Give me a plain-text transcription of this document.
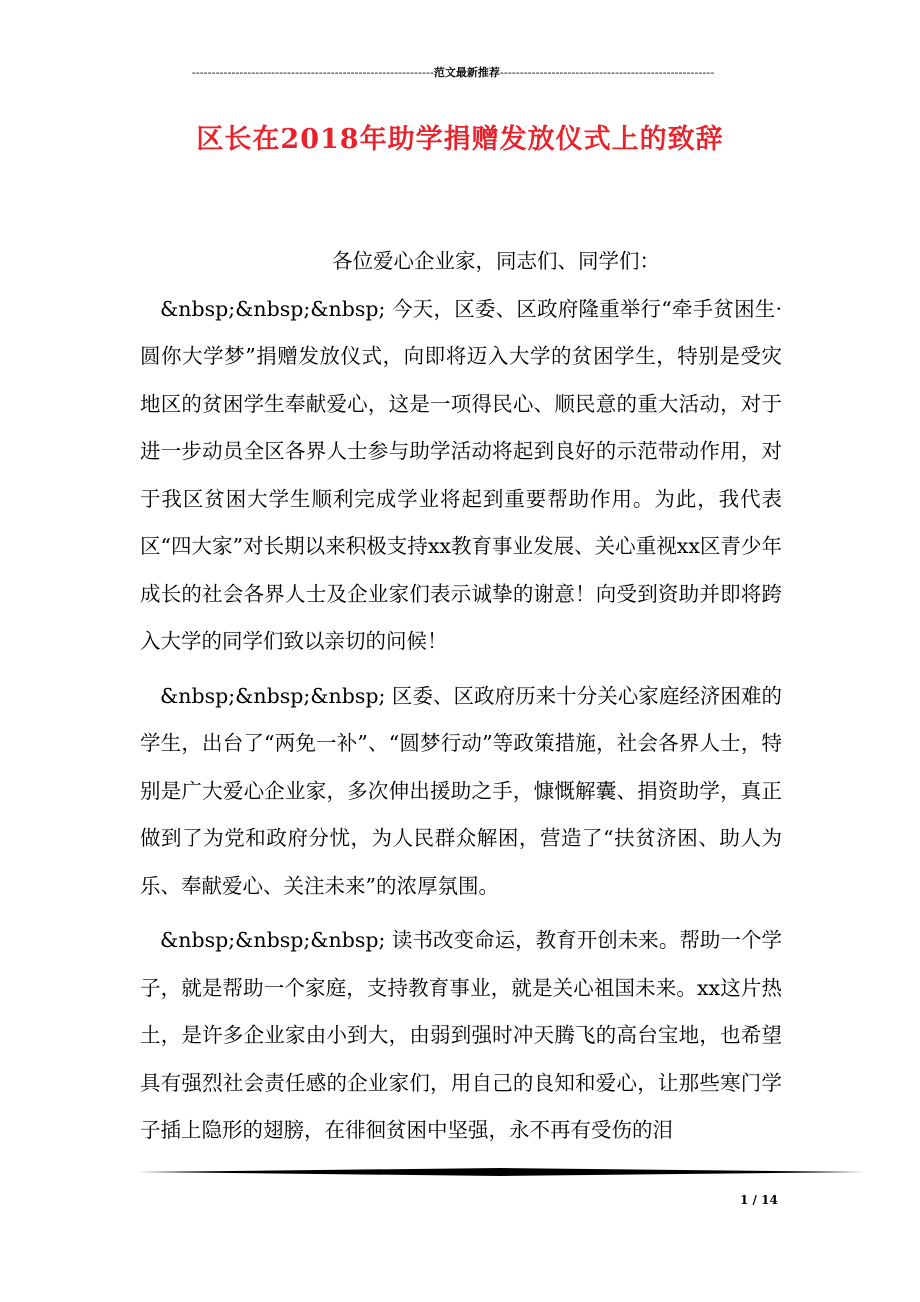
-------------------------------------------------------------范文最新推荐------------------------------------------------------
区长在2018年助学捐赠发放仪式上的致辞

各位爱心企业家，同志们、同学们：

&nbsp;&nbsp;&nbsp; 今天，区委、区政府隆重举行“牵手贫困生·圆你大学梦”捐赠发放仪式，向即将迈入大学的贫困学生，特别是受灾地区的贫困学生奉献爱心，这是一项得民心、顺民意的重大活动，对于进一步动员全区各界人士参与助学活动将起到良好的示范带动作用，对于我区贫困大学生顺利完成学业将起到重要帮助作用。为此，我代表区“四大家”对长期以来积极支持xx教育事业发展、关心重视xx区青少年成长的社会各界人士及企业家们表示诚挚的谢意！向受到资助并即将跨入大学的同学们致以亲切的问候！

&nbsp;&nbsp;&nbsp; 区委、区政府历来十分关心家庭经济困难的学生，出台了“两免一补”、“圆梦行动”等政策措施，社会各界人士，特别是广大爱心企业家，多次伸出援助之手，慷慨解囊、捐资助学，真正做到了为党和政府分忧，为人民群众解困，营造了“扶贫济困、助人为乐、奉献爱心、关注未来”的浓厚氛围。

&nbsp;&nbsp;&nbsp; 读书改变命运，教育开创未来。帮助一个学子，就是帮助一个家庭，支持教育事业，就是关心祖国未来。xx这片热土，是许多企业家由小到大，由弱到强时冲天腾飞的高台宝地，也希望具有强烈社会责任感的企业家们，用自己的良知和爱心，让那些寒门学子插上隐形的翅膀，在徘徊贫困中坚强，永不再有受伤的泪

1 / 14
